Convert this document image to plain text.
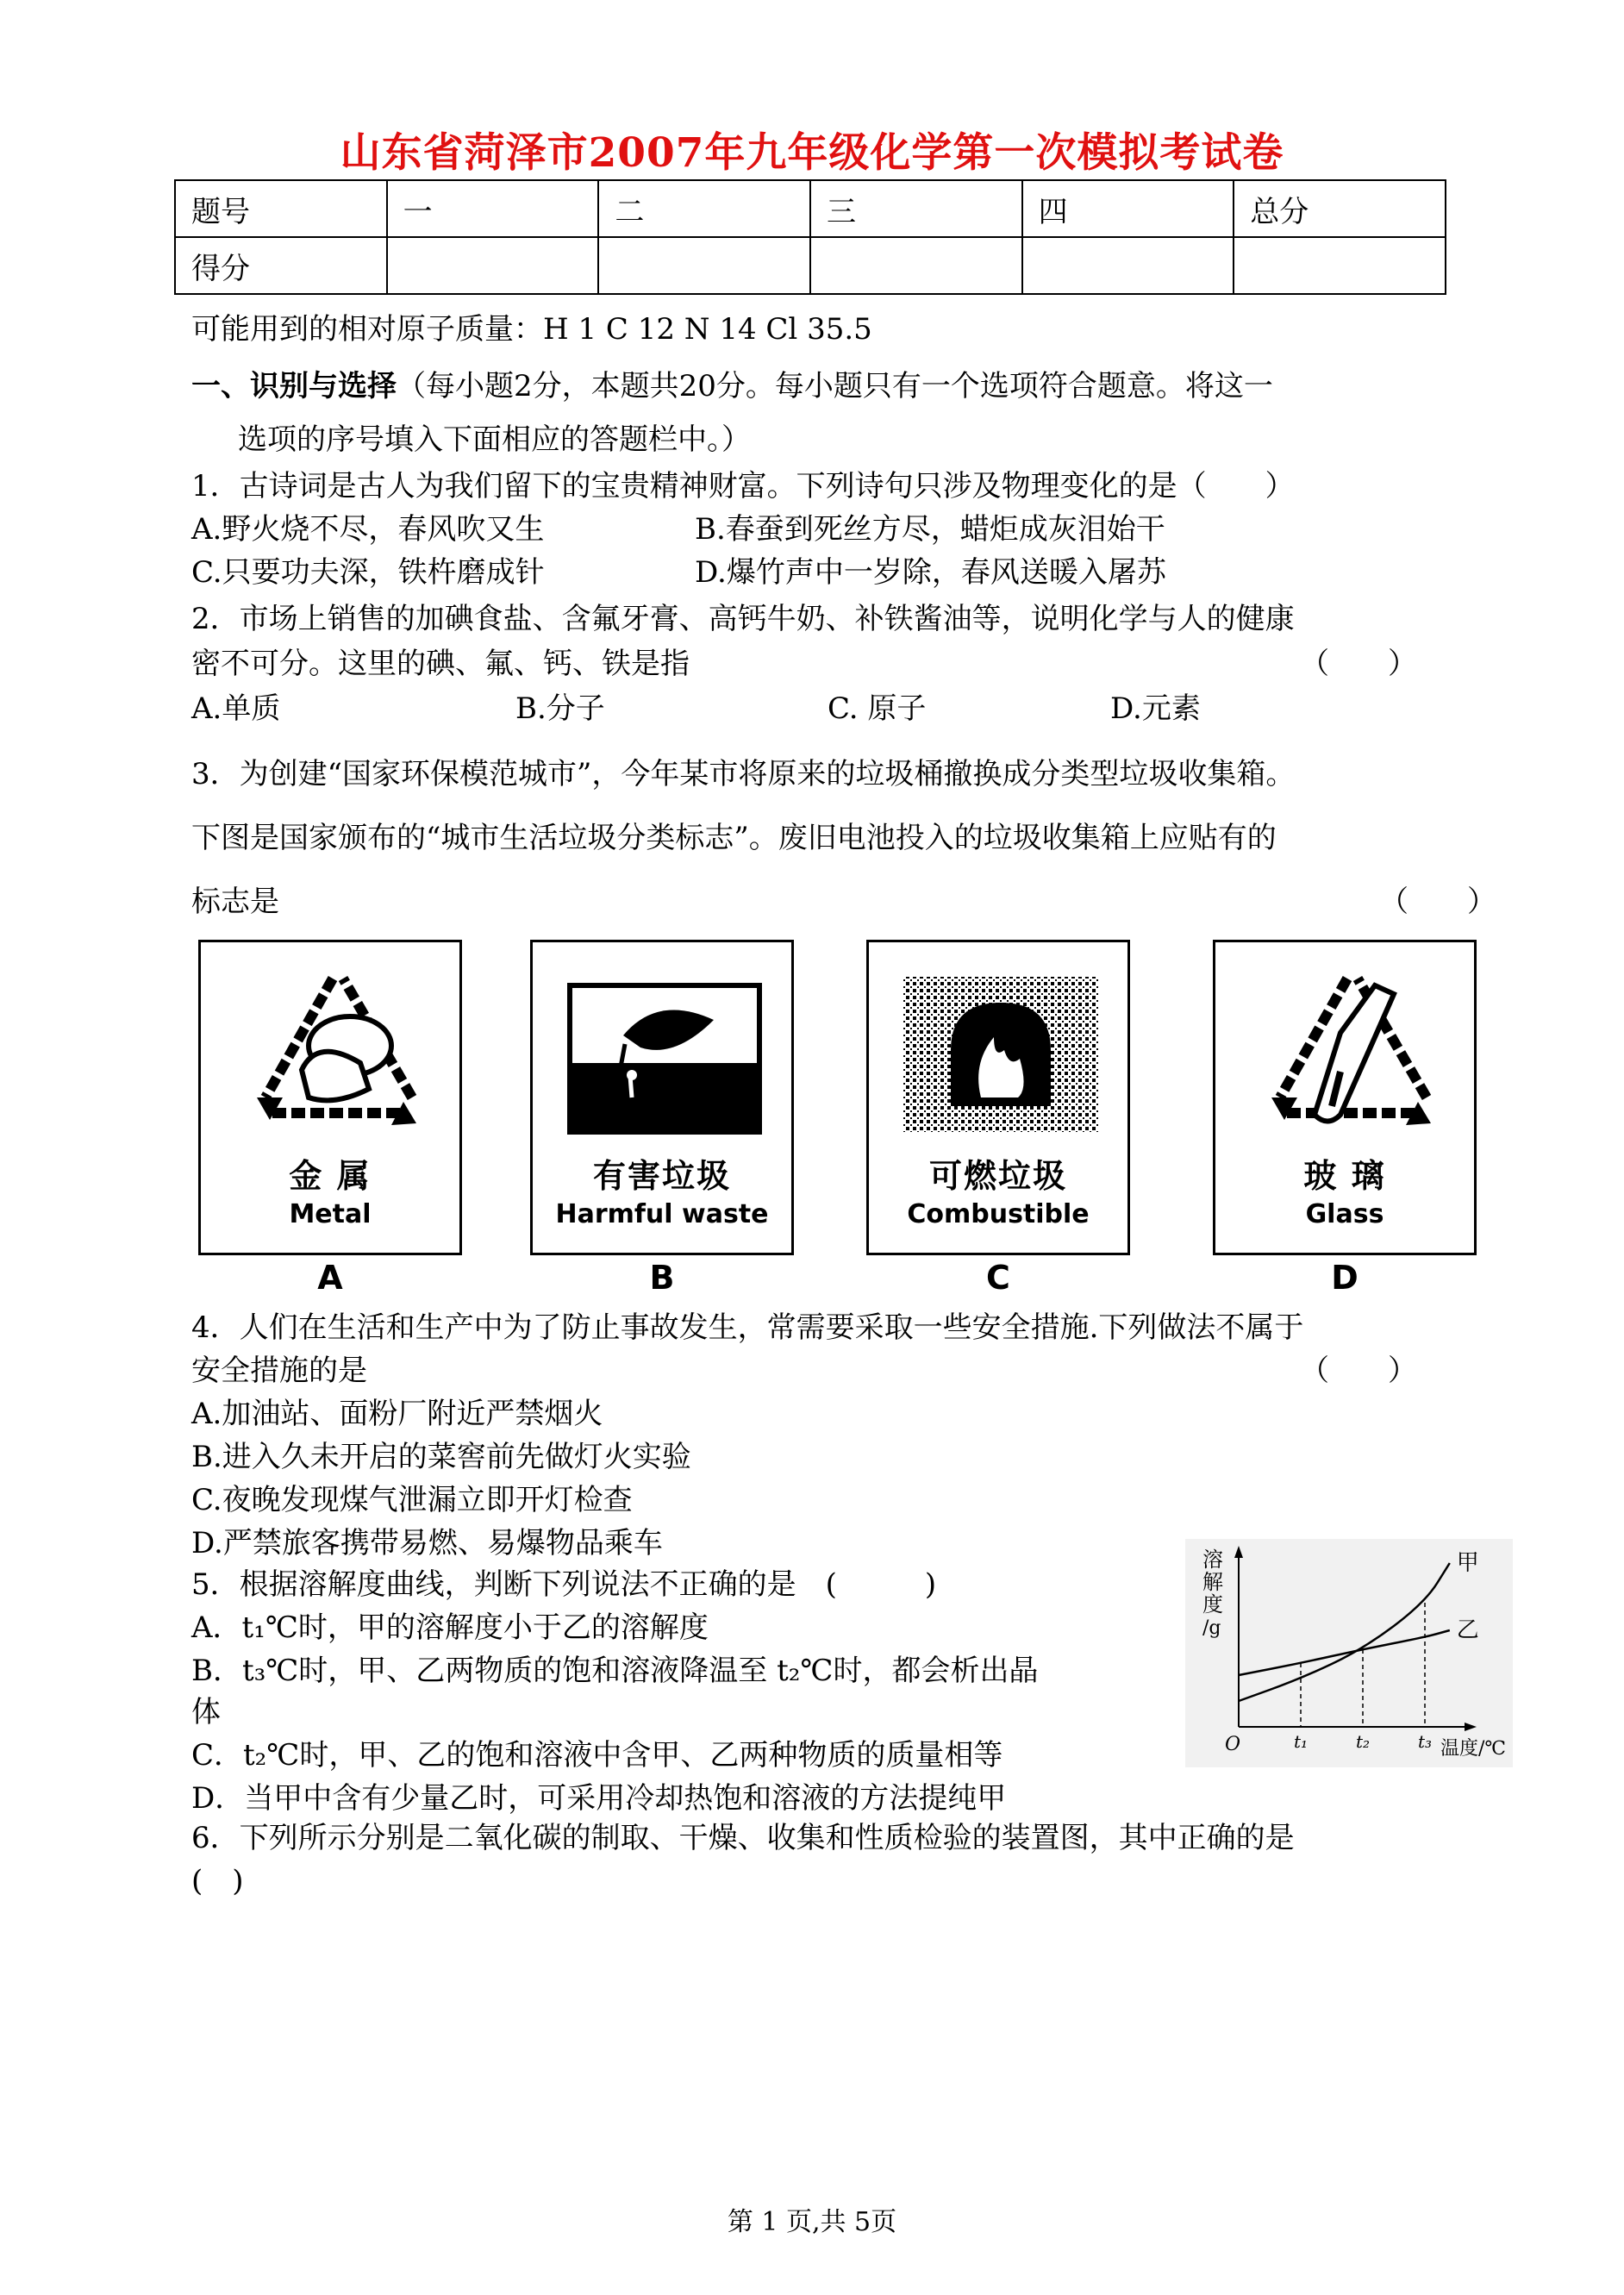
山东省菏泽市2007年九年级化学第一次模拟考试卷
题号	一	二	三	四	总分
得分					
可能用到的相对原子质量：H 1 C 12 N 14 Cl 35.5
一、识别与选择（每小题2分，本题共20分。每小题只有一个选项符合题意。将这一
选项的序号填入下面相应的答题栏中。）
1．古诗词是古人为我们留下的宝贵精神财富。下列诗句只涉及物理变化的是（　　）
A.野火烧不尽，春风吹又生	B.春蚕到死丝方尽，蜡炬成灰泪始干
C.只要功夫深，铁杵磨成针	D.爆竹声中一岁除，春风送暖入屠苏
2．市场上销售的加碘食盐、含氟牙膏、高钙牛奶、补铁酱油等，说明化学与人的健康
密不可分。这里的碘、氟、钙、铁是指	（　　）
A.单质	B.分子	C. 原子	D.元素
3．为创建“国家环保模范城市”，今年某市将原来的垃圾桶撤换成分类型垃圾收集箱。
下图是国家颁布的“城市生活垃圾分类标志”。废旧电池投入的垃圾收集箱上应贴有的
标志是	（　　）
金 属
Metal
A
有害垃圾
Harmful waste
B
可燃垃圾
Combustible
C
玻 璃
Glass
D
4．人们在生活和生产中为了防止事故发生，常需要采取一些安全措施.下列做法不属于
安全措施的是	（　　）
A.加油站、面粉厂附近严禁烟火
B.进入久未开启的菜窖前先做灯火实验
C.夜晚发现煤气泄漏立即开灯检查
D.严禁旅客携带易燃、易爆物品乘车
5．根据溶解度曲线，判断下列说法不正确的是　(　　　)
A．t₁℃时，甲的溶解度小于乙的溶解度
B．t₃℃时，甲、乙两物质的饱和溶液降温至 t₂℃时，都会析出晶
体
C．t₂℃时，甲、乙的饱和溶液中含甲、乙两种物质的质量相等
D．当甲中含有少量乙时，可采用冷却热饱和溶液的方法提纯甲
溶
解
度
/g
O	温度/℃
t₁	t₂	t₃
甲
乙
6．下列所示分别是二氧化碳的制取、干燥、收集和性质检验的装置图，其中正确的是
(　)
第 1 页,共 5页
